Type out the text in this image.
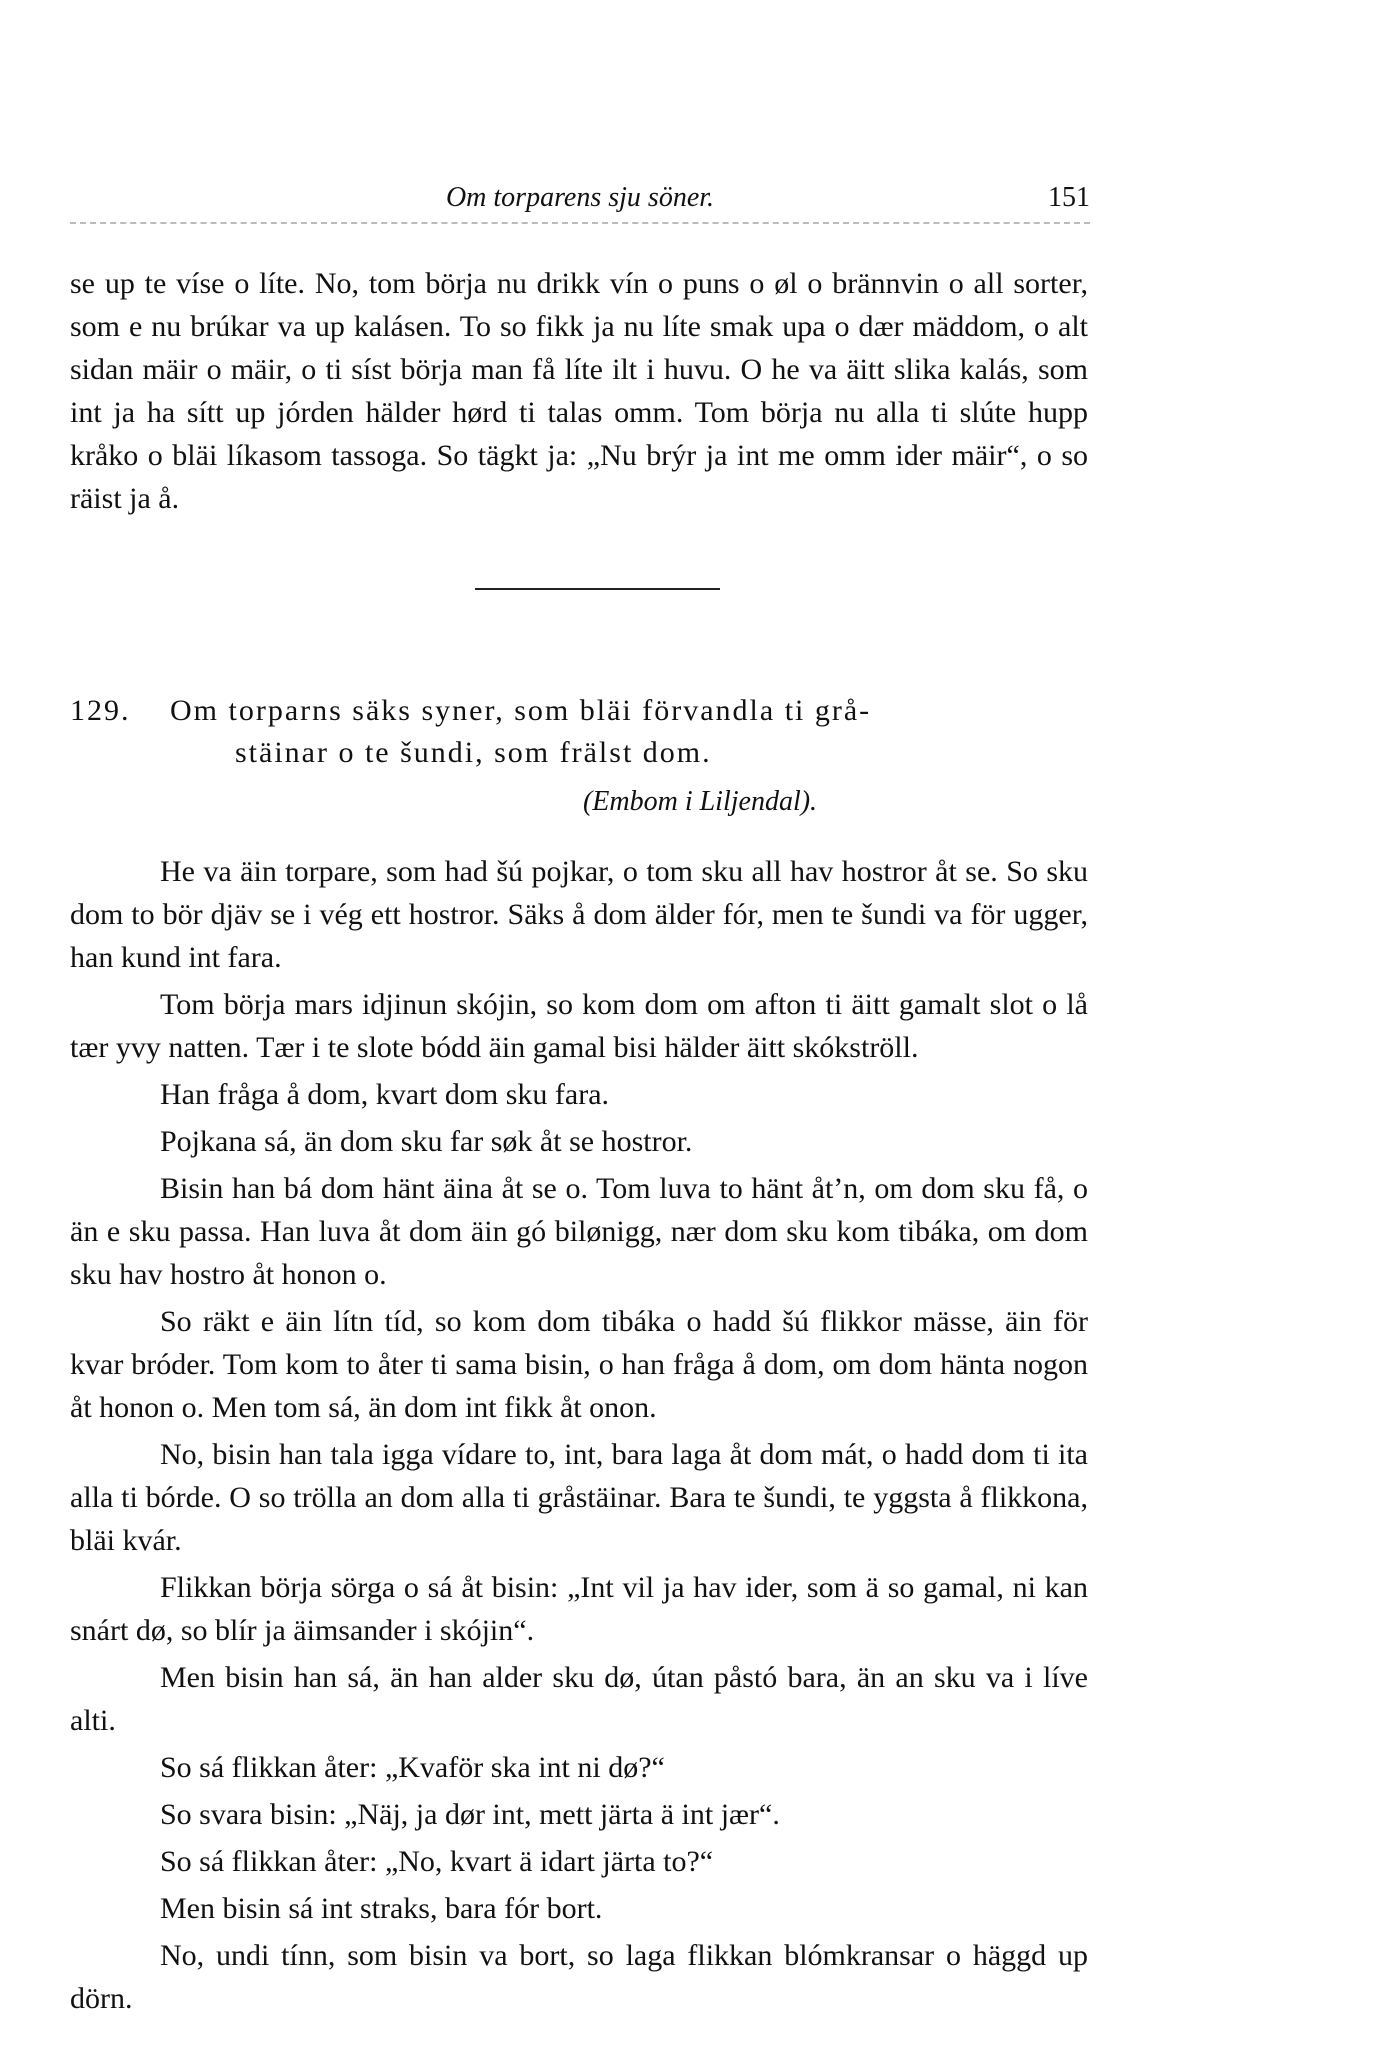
Om torparens sju söner.	151

se up te víse o líte. No, tom börja nu drikk vín o puns o øl o brännvin o all sorter, som e nu brúkar va up kalásen. To so fikk ja nu líte smak upa o dær mäddom, o alt sidan mäir o mäir, o ti síst börja man få líte ilt i huvu. O he va äitt slika kalás, som int ja ha sítt up jórden hälder hørd ti talas omm. Tom börja nu alla ti slúte hupp kråko o bläi líkasom tassoga. So tägkt ja: „Nu brýr ja int me omm ider mäir“, o so räist ja å.

129. Om torparns säks syner, som bläi förvandla ti grå-
stäinar o te šundi, som frälst dom.
(Embom i Liljendal).

He va äin torpare, som had šú pojkar, o tom sku all hav hostror åt se. So sku dom to bör djäv se i vég ett hostror. Säks å dom älder fór, men te šundi va för ugger, han kund int fara.

Tom börja mars idjinun skójin, so kom dom om afton ti äitt gamalt slot o lå tær yvy natten. Tær i te slote bódd äin gamal bisi hälder äitt skókströll.

Han fråga å dom, kvart dom sku fara.

Pojkana sá, än dom sku far søk åt se hostror.

Bisin han bá dom hänt äina åt se o. Tom luva to hänt åt’n, om dom sku få, o än e sku passa. Han luva åt dom äin gó bilønigg, nær dom sku kom tibáka, om dom sku hav hostro åt honon o.

So räkt e äin lítn tíd, so kom dom tibáka o hadd šú flikkor mässe, äin för kvar bróder. Tom kom to åter ti sama bisin, o han fråga å dom, om dom hänta nogon åt honon o. Men tom sá, än dom int fikk åt onon.

No, bisin han tala igga vídare to, int, bara laga åt dom mát, o hadd dom ti ita alla ti bórde. O so trölla an dom alla ti gråstäinar. Bara te šundi, te yggsta å flikkona, bläi kvár.

Flikkan börja sörga o sá åt bisin: „Int vil ja hav ider, som ä so gamal, ni kan snárt dø, so blír ja äimsander i skójin“.

Men bisin han sá, än han alder sku dø, útan påstó bara, än an sku va i líve alti.

So sá flikkan åter: „Kvaför ska int ni dø?“

So svara bisin: „Näj, ja dør int, mett järta ä int jær“.

So sá flikkan åter: „No, kvart ä idart järta to?“

Men bisin sá int straks, bara fór bort.

No, undi tínn, som bisin va bort, so laga flikkan blómkransar o häggd up dörn.
